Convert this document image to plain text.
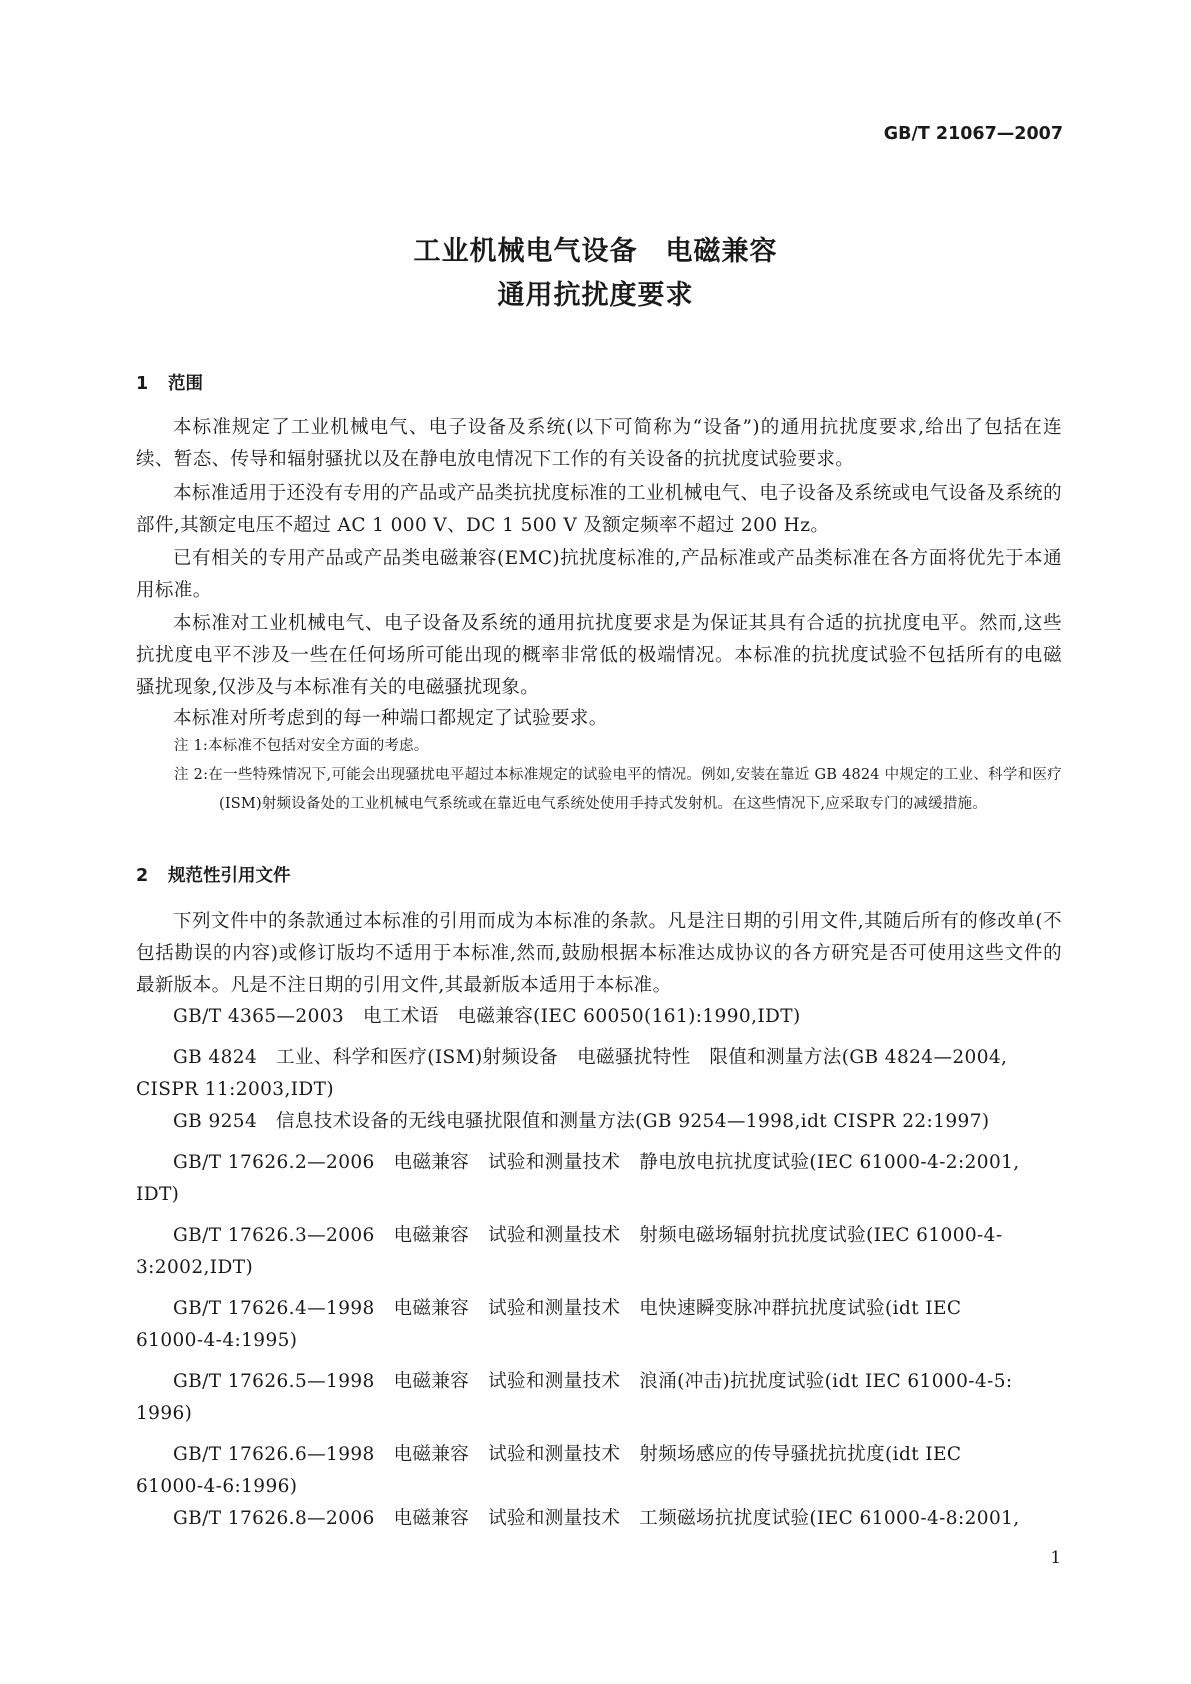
GB/T 21067—2007

工业机械电气设备　电磁兼容
通用抗扰度要求
1 范围

本标准规定了工业机械电气、电子设备及系统(以下可简称为“设备”)的通用抗扰度要求,给出了包括在连续、暂态、传导和辐射骚扰以及在静电放电情况下工作的有关设备的抗扰度试验要求。

本标准适用于还没有专用的产品或产品类抗扰度标准的工业机械电气、电子设备及系统或电气设备及系统的部件,其额定电压不超过 AC 1 000 V、DC 1 500 V 及额定频率不超过 200 Hz。

已有相关的专用产品或产品类电磁兼容(EMC)抗扰度标准的,产品标准或产品类标准在各方面将优先于本通用标准。

本标准对工业机械电气、电子设备及系统的通用抗扰度要求是为保证其具有合适的抗扰度电平。然而,这些抗扰度电平不涉及一些在任何场所可能出现的概率非常低的极端情况。本标准的抗扰度试验不包括所有的电磁骚扰现象,仅涉及与本标准有关的电磁骚扰现象。

本标准对所考虑到的每一种端口都规定了试验要求。

注 1:本标准不包括对安全方面的考虑。

注 2:在一些特殊情况下,可能会出现骚扰电平超过本标准规定的试验电平的情况。例如,安装在靠近 GB 4824 中规定的工业、科学和医疗(ISM)射频设备处的工业机械电气系统或在靠近电气系统处使用手持式发射机。在这些情况下,应采取专门的减缓措施。

2 规范性引用文件

下列文件中的条款通过本标准的引用而成为本标准的条款。凡是注日期的引用文件,其随后所有的修改单(不包括勘误的内容)或修订版均不适用于本标准,然而,鼓励根据本标准达成协议的各方研究是否可使用这些文件的最新版本。凡是不注日期的引用文件,其最新版本适用于本标准。

GB/T 4365—2003　电工术语　电磁兼容(IEC 60050(161):1990,IDT)

GB 4824　工业、科学和医疗(ISM)射频设备　电磁骚扰特性　限值和测量方法(GB 4824—2004,

CISPR 11:2003,IDT)

GB 9254　信息技术设备的无线电骚扰限值和测量方法(GB 9254—1998,idt CISPR 22:1997)

GB/T 17626.2—2006　电磁兼容　试验和测量技术　静电放电抗扰度试验(IEC 61000-4-2:2001,

IDT)

GB/T 17626.3—2006　电磁兼容　试验和测量技术　射频电磁场辐射抗扰度试验(IEC 61000-4-

3:2002,IDT)

GB/T 17626.4—1998　电磁兼容　试验和测量技术　电快速瞬变脉冲群抗扰度试验(idt IEC

61000-4-4:1995)

GB/T 17626.5—1998　电磁兼容　试验和测量技术　浪涌(冲击)抗扰度试验(idt IEC 61000-4-5:

1996)

GB/T 17626.6—1998　电磁兼容　试验和测量技术　射频场感应的传导骚扰抗扰度(idt IEC

61000-4-6:1996)

GB/T 17626.8—2006　电磁兼容　试验和测量技术　工频磁场抗扰度试验(IEC 61000-4-8:2001,

1
